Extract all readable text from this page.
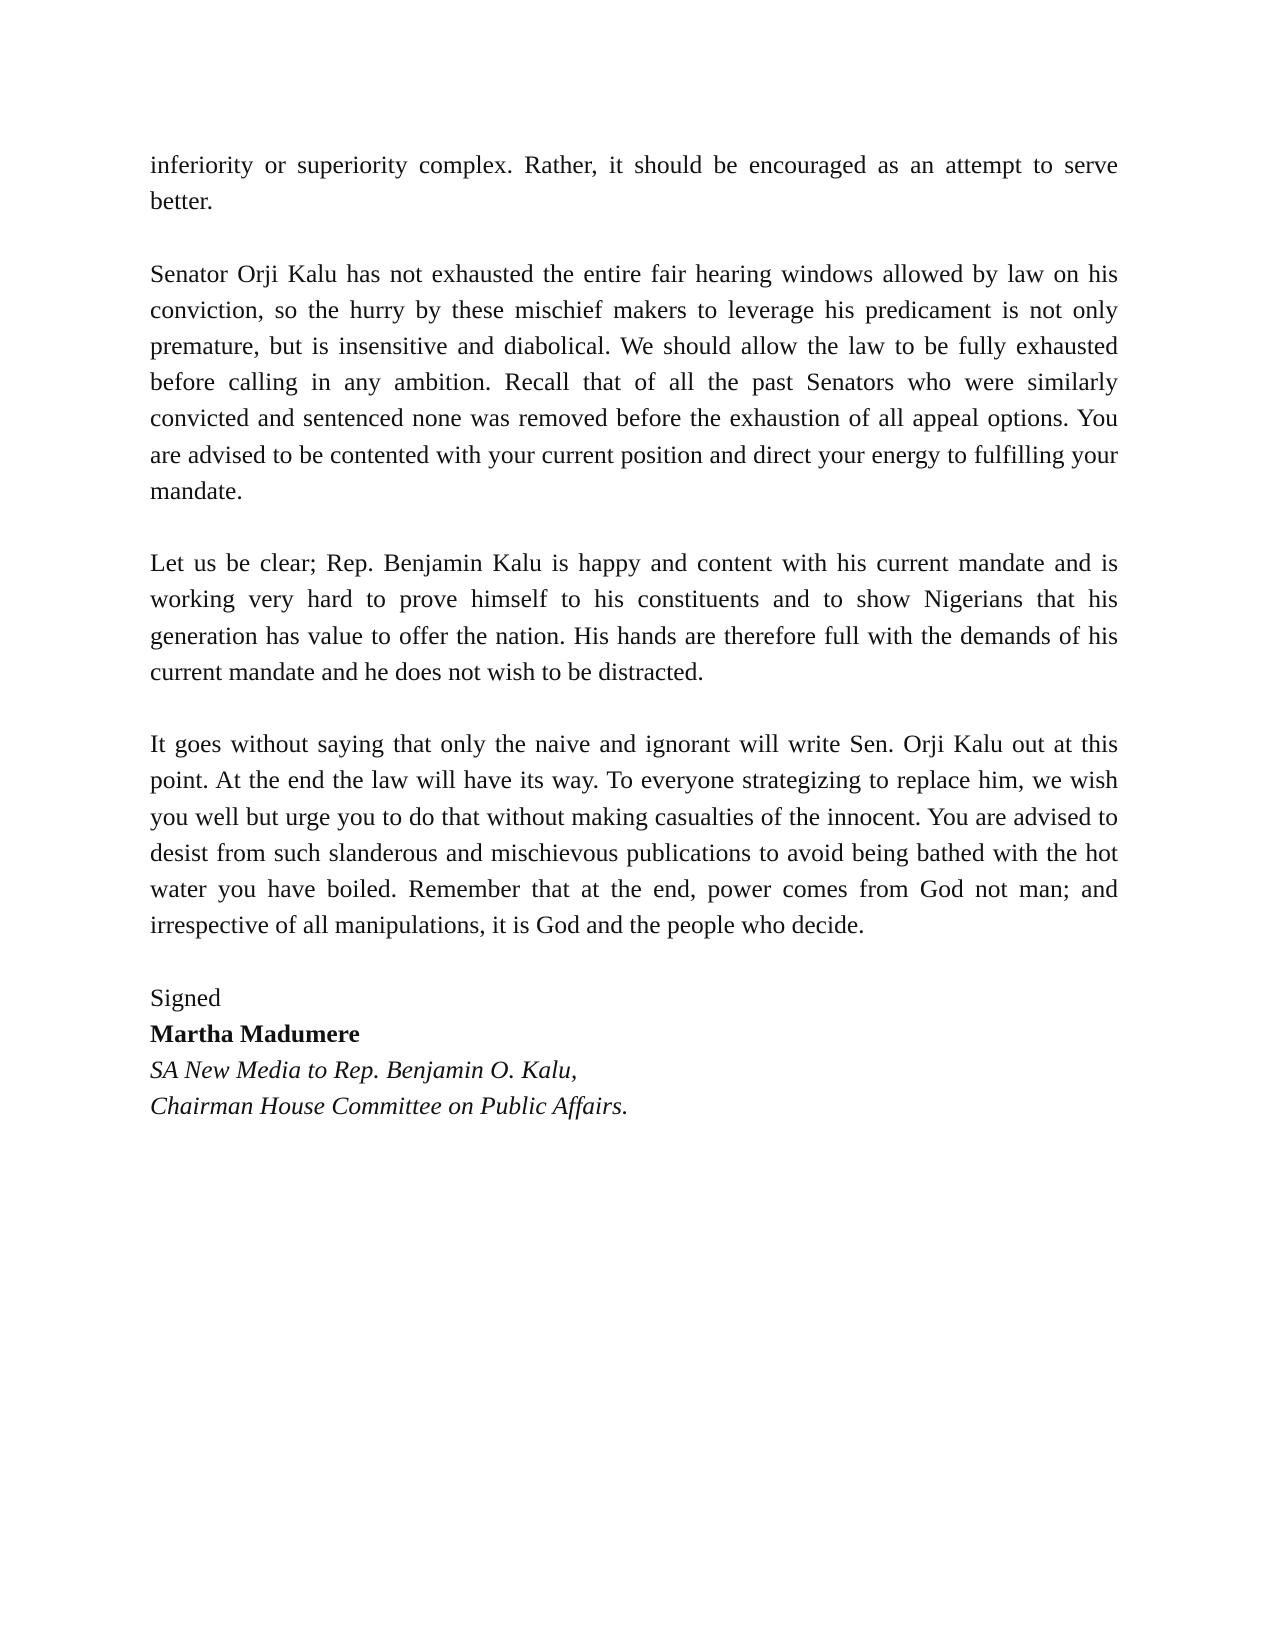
inferiority or superiority complex. Rather, it should be encouraged as an attempt to serve better.

Senator Orji Kalu has not exhausted the entire fair hearing windows allowed by law on his conviction, so the hurry by these mischief makers to leverage his predicament is not only premature, but is insensitive and diabolical. We should allow the law to be fully exhausted before calling in any ambition. Recall that of all the past Senators who were similarly convicted and sentenced none was removed before the exhaustion of all appeal options. You are advised to be contented with your current position and direct your energy to fulfilling your mandate.

Let us be clear; Rep. Benjamin Kalu is happy and content with his current mandate and is working very hard to prove himself to his constituents and to show Nigerians that his generation has value to offer the nation. His hands are therefore full with the demands of his current mandate and he does not wish to be distracted.

It goes without saying that only the naive and ignorant will write Sen. Orji Kalu out at this point. At the end the law will have its way. To everyone strategizing to replace him, we wish you well but urge you to do that without making casualties of the innocent. You are advised to desist from such slanderous and mischievous publications to avoid being bathed with the hot water you have boiled. Remember that at the end, power comes from God not man; and irrespective of all manipulations, it is God and the people who decide.

Signed
Martha Madumere
SA New Media to Rep. Benjamin O. Kalu,
Chairman House Committee on Public Affairs.
